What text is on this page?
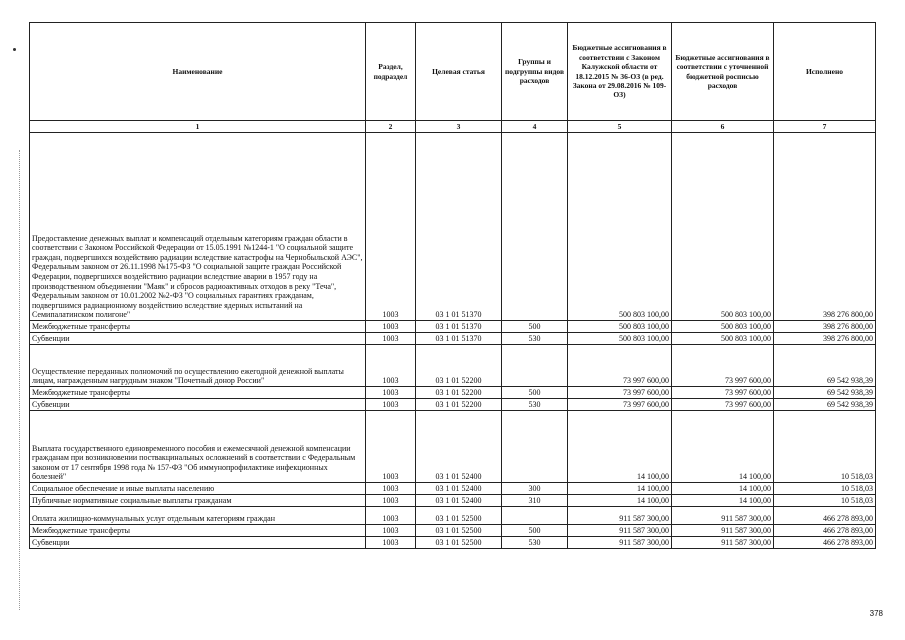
Наименование	Раздел, подраздел	Целевая статья	Группы и подгруппы видов расходов	Бюджетные ассигнования в соответствии с Законом Калужской области от 18.12.2015 № 36-ОЗ (в ред. Закона от 29.08.2016 № 109-ОЗ)	Бюджетные ассигнования в соответствии с уточненной бюджетной росписью расходов	Исполнено
1	2	3	4	5	6	7
Предоставление денежных выплат и компенсаций отдельным категориям граждан области в соответствии с Законом Российской Федерации от 15.05.1991 №1244-1 "О социальной защите граждан, подвергшихся воздействию радиации вследствие катастрофы на Чернобыльской АЭС", Федеральным законом от 26.11.1998 №175-ФЗ "О социальной защите граждан Российской Федерации, подвергшихся воздействию радиации вследствие аварии в 1957 году на производственном объединении "Маяк" и сбросов радиоактивных отходов в реку "Теча", Федеральным законом от 10.01.2002 №2-ФЗ "О социальных гарантиях гражданам, подвергшимся радиационному воздействию вследствие ядерных испытаний на Семипалатинском полигоне"	1003	03 1 01 51370		500 803 100,00	500 803 100,00	398 276 800,00
Межбюджетные трансферты	1003	03 1 01 51370	500	500 803 100,00	500 803 100,00	398 276 800,00
Субвенции	1003	03 1 01 51370	530	500 803 100,00	500 803 100,00	398 276 800,00
Осуществление переданных полномочий по осуществлению ежегодной денежной выплаты лицам, награжденным нагрудным знаком "Почетный донор России"	1003	03 1 01 52200		73 997 600,00	73 997 600,00	69 542 938,39
Межбюджетные трансферты	1003	03 1 01 52200	500	73 997 600,00	73 997 600,00	69 542 938,39
Субвенции	1003	03 1 01 52200	530	73 997 600,00	73 997 600,00	69 542 938,39
Выплата государственного единовременного пособия и ежемесячной денежной компенсации гражданам при возникновении поствакцинальных осложнений в соответствии с Федеральным законом от 17 сентября 1998 года № 157-ФЗ "Об иммунопрофилактике инфекционных болезней"	1003	03 1 01 52400		14 100,00	14 100,00	10 518,03
Социальное обеспечение и иные выплаты населению	1003	03 1 01 52400	300	14 100,00	14 100,00	10 518,03
Публичные нормативные социальные выплаты гражданам	1003	03 1 01 52400	310	14 100,00	14 100,00	10 518,03
Оплата жилищно-коммунальных услуг отдельным категориям граждан	1003	03 1 01 52500		911 587 300,00	911 587 300,00	466 278 893,00
Межбюджетные трансферты	1003	03 1 01 52500	500	911 587 300,00	911 587 300,00	466 278 893,00
Субвенции	1003	03 1 01 52500	530	911 587 300,00	911 587 300,00	466 278 893,00
378
